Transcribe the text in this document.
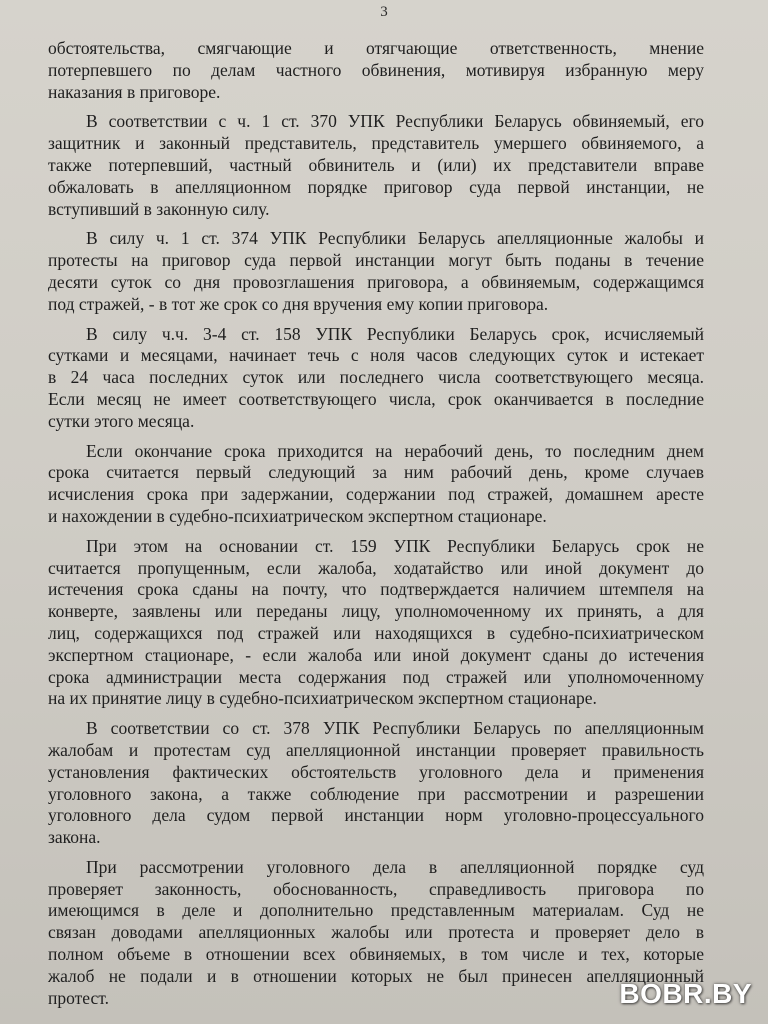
3
обстоятельства, смягчающие и отягчающие ответственность, мнение
потерпевшего по делам частного обвинения, мотивируя избранную меру
наказания в приговоре.
В соответствии с ч. 1 ст. 370 УПК Республики Беларусь обвиняемый, его
защитник и законный представитель, представитель умершего обвиняемого, а
также потерпевший, частный обвинитель и (или) их представители вправе
обжаловать в апелляционном порядке приговор суда первой инстанции, не
вступивший в законную силу.
В силу ч. 1 ст. 374 УПК Республики Беларусь апелляционные жалобы и
протесты на приговор суда первой инстанции могут быть поданы в течение
десяти суток со дня провозглашения приговора, а обвиняемым, содержащимся
под стражей, - в тот же срок со дня вручения ему копии приговора.
В силу ч.ч. 3-4 ст. 158 УПК Республики Беларусь срок, исчисляемый
сутками и месяцами, начинает течь с ноля часов следующих суток и истекает
в 24 часа последних суток или последнего числа соответствующего месяца.
Если месяц не имеет соответствующего числа, срок оканчивается в последние
сутки этого месяца.
Если окончание срока приходится на нерабочий день, то последним днем
срока считается первый следующий за ним рабочий день, кроме случаев
исчисления срока при задержании, содержании под стражей, домашнем аресте
и нахождении в судебно-психиатрическом экспертном стационаре.
При этом на основании ст. 159 УПК Республики Беларусь срок не
считается пропущенным, если жалоба, ходатайство или иной документ до
истечения срока сданы на почту, что подтверждается наличием штемпеля на
конверте, заявлены или переданы лицу, уполномоченному их принять, а для
лиц, содержащихся под стражей или находящихся в судебно-психиатрическом
экспертном стационаре, - если жалоба или иной документ сданы до истечения
срока администрации места содержания под стражей или уполномоченному
на их принятие лицу в судебно-психиатрическом экспертном стационаре.
В соответствии со ст. 378 УПК Республики Беларусь по апелляционным
жалобам и протестам суд апелляционной инстанции проверяет правильность
установления фактических обстоятельств уголовного дела и применения
уголовного закона, а также соблюдение при рассмотрении и разрешении
уголовного дела судом первой инстанции норм уголовно-процессуального
закона.
При рассмотрении уголовного дела в апелляционной порядке суд
проверяет законность, обоснованность, справедливость приговора по
имеющимся в деле и дополнительно представленным материалам. Суд не
связан доводами апелляционных жалобы или протеста и проверяет дело в
полном объеме в отношении всех обвиняемых, в том числе и тех, которые
жалоб не подали и в отношении которых не был принесен апелляционный
протест.	BOBR.BY
